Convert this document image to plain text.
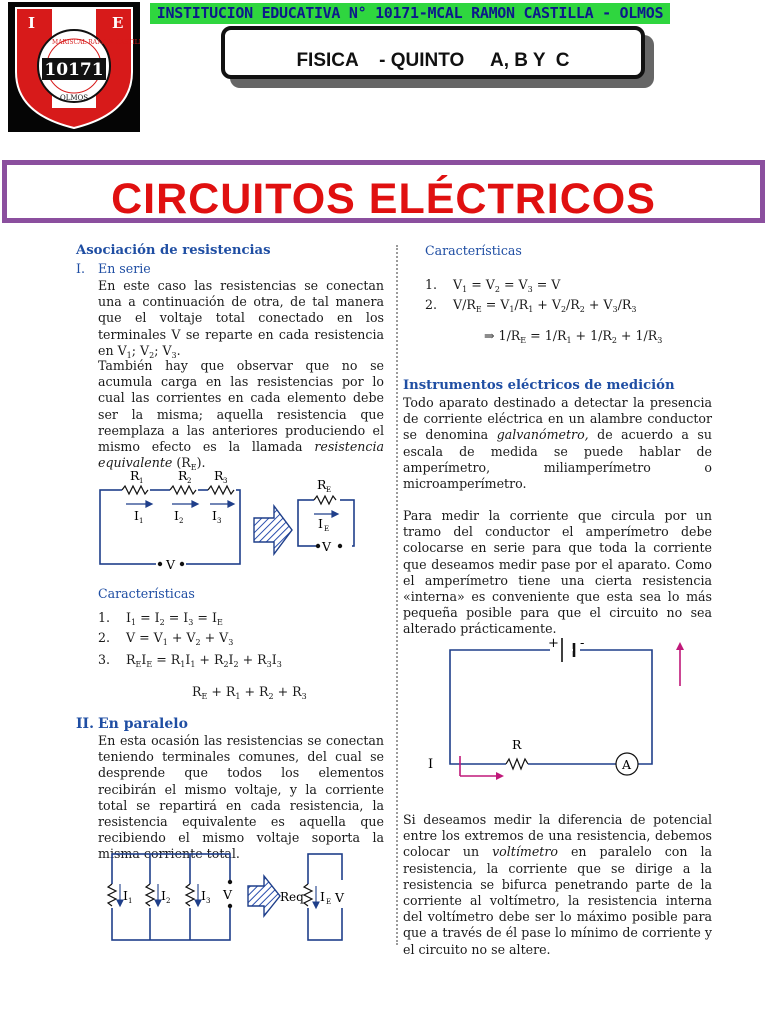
I	E
MARISCAL RAMON CASTILLA
10171
OLMOS
INSTITUCION EDUCATIVA N° 10171-MCAL RAMON CASTILLA - OLMOS
FISICA    - QUINTO     A, B Y  C
CIRCUITOS ELÉCTRICOS
Asociación de resistencias
I. En serie
En este caso las resistencias se conectan una a continuación de otra, de tal manera que el voltaje total conectado en los terminales V se reparte en cada resistencia en $V_1$; $V_2$; $V_3$.
También hay que observar que no se acumula carga en las resistencias por lo cual las corrientes en cada elemento debe ser la misma; aquella resistencia que reemplaza a las anteriores produciendo el mismo efecto es la llamada resistencia equivalente $(R_E)$.
R 1	R 2 R 3
I 1 I 2 I 3
V
R E
I E
V
Características
1.    $I_1 = I_2 = I_3 = I_E$
2.    $V = V_1 + V_2 + V_3$
3.    $R_EI_E = R_1I_1 + R_2I_2 + R_3I_3$
$R_E + R_1 + R_2 + R_3$
II. En paralelo
En esta ocasión las resistencias se conectan teniendo terminales comunes, del cual se desprende que todos los elementos recibirán el mismo voltaje, y la corriente total se repartirá en cada resistencia, la resistencia equivalente es aquella que recibiendo el mismo voltaje soporta la misma corriente total.
I 1 I 2 I 3 V	Req I E V
Características
1.    $V_1 = V_2 = V_3 = V$
2.    $V/R_E = V_1/R_1 + V_2/R_2 + V_3/R_3$
⇒ $1/R_E = 1/R_1 + 1/R_2 + 1/R_3$
Instrumentos eléctricos de medición
Todo aparato destinado a detectar la presencia de corriente eléctrica en un alambre conductor se denomina galvanómetro, de acuerdo a su escala de medida se puede hablar de amperímetro, miliamperímetro o microamperímetro.
Para medir la corriente que circula por un tramo del conductor el amperímetro debe colocarse en serie para que toda la corriente que deseamos medir pase por el aparato. Como el amperímetro tiene una cierta resistencia «interna» es conveniente que esta sea lo más pequeña posible para que el circuito no sea alterado prácticamente.
+ -
I
R
A
Si deseamos medir la diferencia de potencial entre los extremos de una resistencia, debemos colocar un voltímetro en paralelo con la resistencia, la corriente que se dirige a la resistencia se bifurca penetrando parte de la corriente al voltímetro, la resistencia interna del voltímetro debe ser lo máximo posible para que a través de él pase lo mínimo de corriente y el circuito no se altere.
